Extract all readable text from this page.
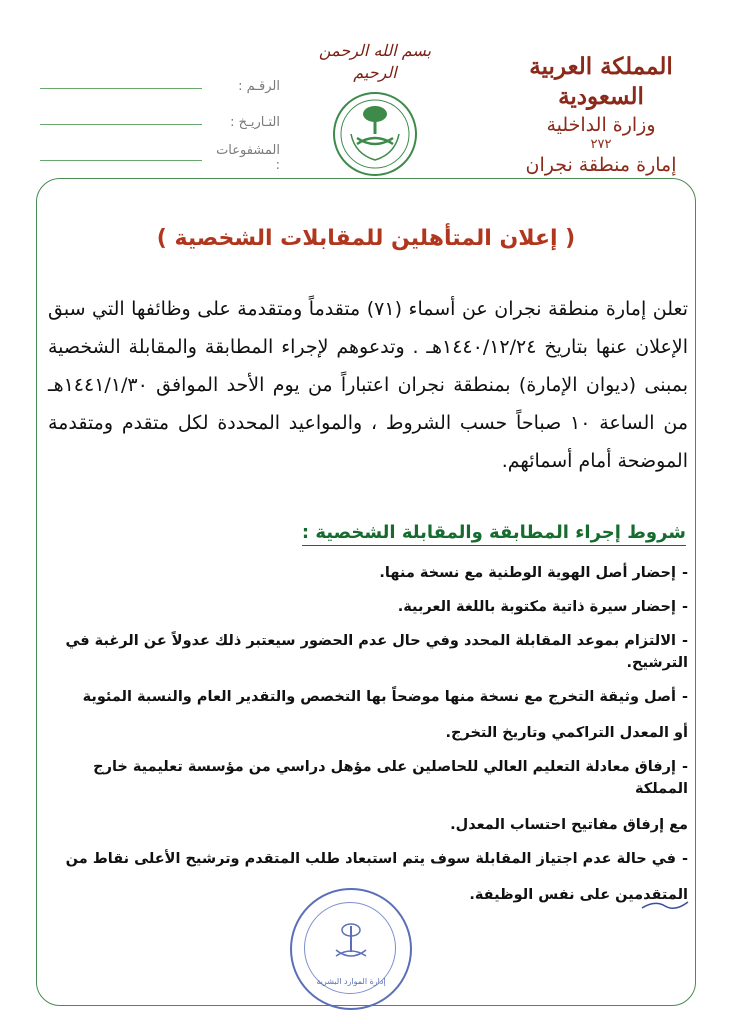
المملكة العربية السعودية
وزارة الداخلية
٢٧٢
إمارة منطقة نجران
بسم الله الرحمن الرحيم
الرقـم :
التـاريـخ :
المشفوعات :
( إعلان المتأهلين للمقابلات الشخصية )
تعلن إمارة منطقة نجران عن أسماء (٧١) متقدماً ومتقدمة على وظائفها التي سبق الإعلان عنها بتاريخ ١٤٤٠/١٢/٢٤هـ . وتدعوهم لإجراء المطابقة والمقابلة الشخصية بمبنى (ديوان الإمارة) بمنطقة نجران اعتباراً من يوم الأحد الموافق ١٤٤١/١/٣٠هـ من الساعة ١٠ صباحاً حسب الشروط ، والمواعيد المحددة لكل متقدم ومتقدمة الموضحة أمام أسمائهم.
شروط إجراء المطابقة والمقابلة الشخصية :
-إحضار أصل الهوية الوطنية مع نسخة منها.
-إحضار سيرة ذاتية مكتوبة باللغة العربية.
-الالتزام بموعد المقابلة المحدد وفي حال عدم الحضور سيعتبر ذلك عدولاً عن الرغبة في الترشيح.
-أصل وثيقة التخرج مع نسخة منها موضحاً بها التخصص والتقدير العام والنسبة المئوية
أو المعدل التراكمي وتاريخ التخرج.
-إرفاق معادلة التعليم العالي للحاصلين على مؤهل دراسي من مؤسسة تعليمية خارج المملكة
مع إرفاق مفاتيح احتساب المعدل.
-في حالة عدم اجتياز المقابلة سوف يتم استبعاد طلب المتقدم وترشيح الأعلى نقاط من
المتقدمين على نفس الوظيفة.
إدارة الموارد البشرية
